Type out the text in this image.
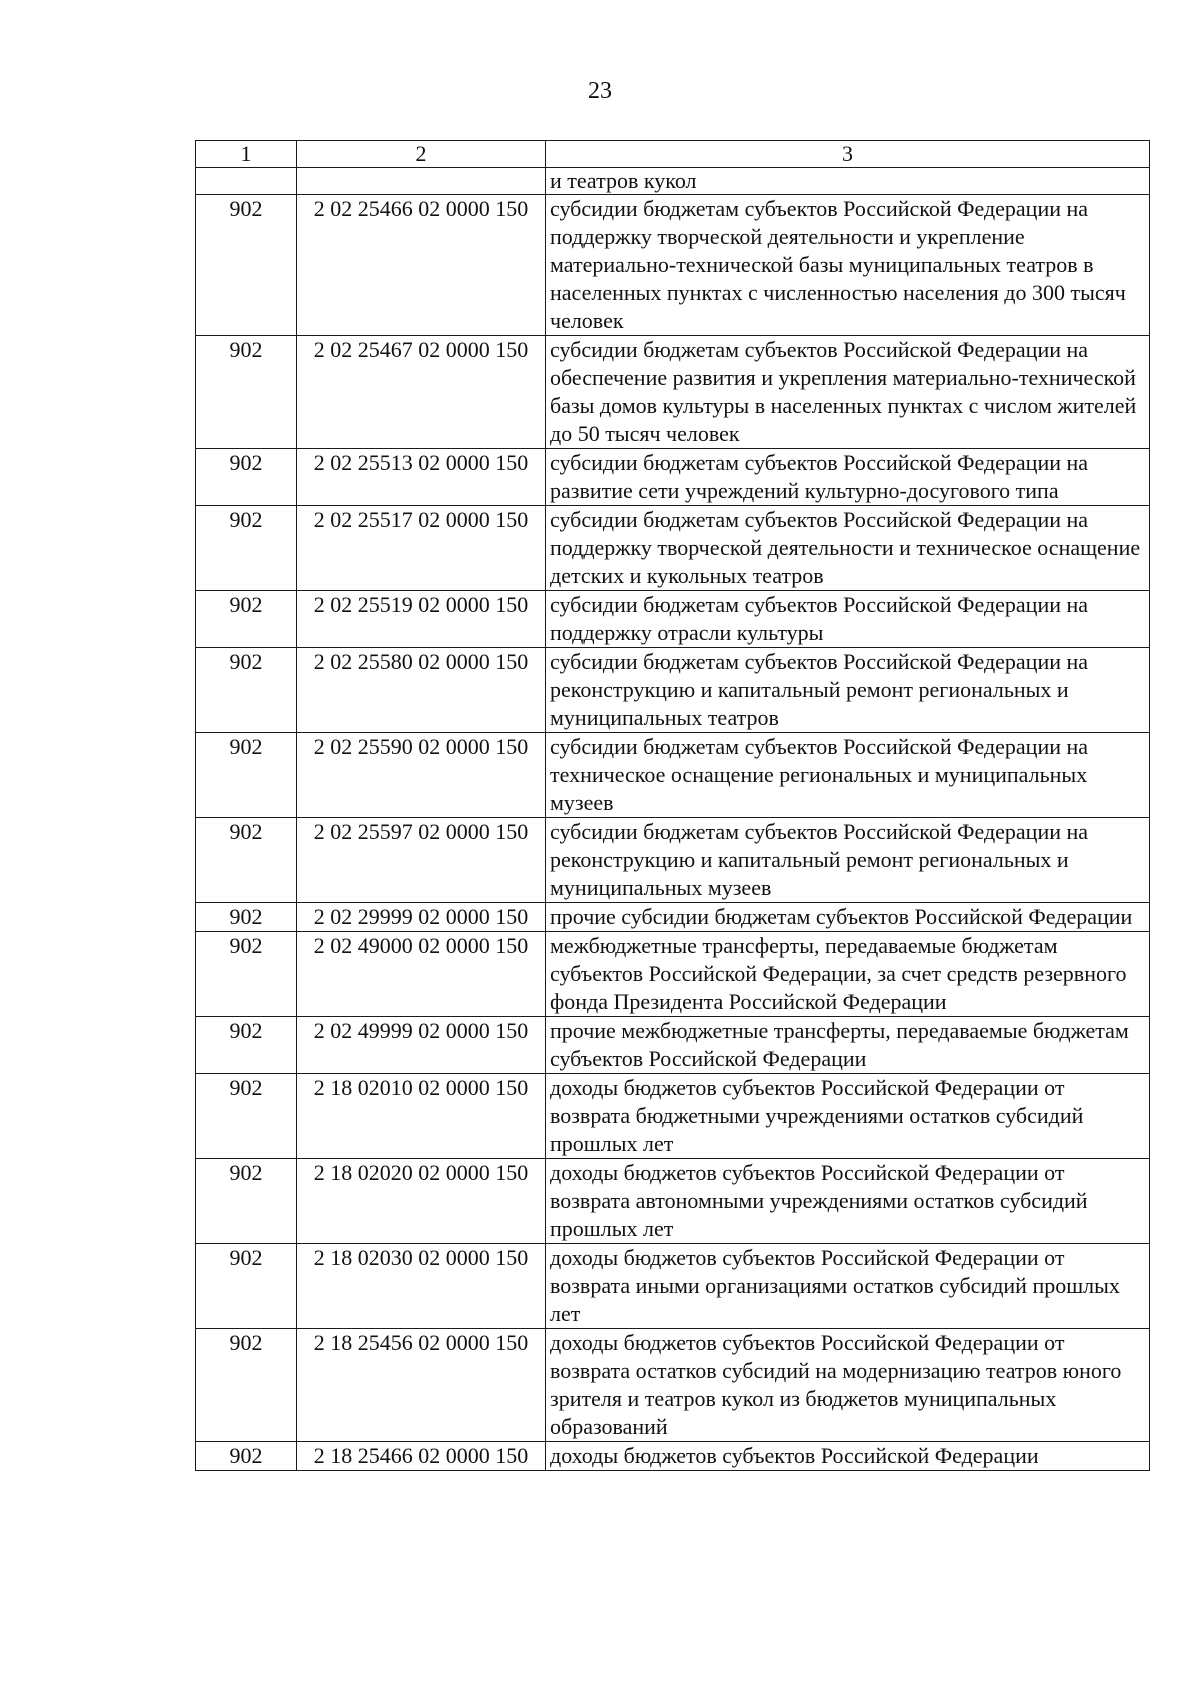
23
1	2	3
		и театров кукол
902	2 02 25466 02 0000 150	субсидии бюджетам субъектов Российской Федерации на поддержку творческой деятельности и укрепление материально-технической базы муниципальных театров в населенных пунктах с численностью населения до 300 тысяч человек
902	2 02 25467 02 0000 150	субсидии бюджетам субъектов Российской Федерации на обеспечение развития и укрепления материально-технической базы домов культуры в населенных пунктах с числом жителей до 50 тысяч человек
902	2 02 25513 02 0000 150	субсидии бюджетам субъектов Российской Федерации на развитие сети учреждений культурно-досугового типа
902	2 02 25517 02 0000 150	субсидии бюджетам субъектов Российской Федерации на поддержку творческой деятельности и техническое оснащение детских и кукольных театров
902	2 02 25519 02 0000 150	субсидии бюджетам субъектов Российской Федерации на поддержку отрасли культуры
902	2 02 25580 02 0000 150	субсидии бюджетам субъектов Российской Федерации на реконструкцию и капитальный ремонт региональных и муниципальных театров
902	2 02 25590 02 0000 150	субсидии бюджетам субъектов Российской Федерации на техническое оснащение региональных и муниципальных музеев
902	2 02 25597 02 0000 150	субсидии бюджетам субъектов Российской Федерации на реконструкцию и капитальный ремонт региональных и муниципальных музеев
902	2 02 29999 02 0000 150	прочие субсидии бюджетам субъектов Российской Федерации
902	2 02 49000 02 0000 150	межбюджетные трансферты, передаваемые бюджетам субъектов Российской Федерации, за счет средств резервного фонда Президента Российской Федерации
902	2 02 49999 02 0000 150	прочие межбюджетные трансферты, передаваемые бюджетам субъектов Российской Федерации
902	2 18 02010 02 0000 150	доходы бюджетов субъектов Российской Федерации от возврата бюджетными учреждениями остатков субсидий прошлых лет
902	2 18 02020 02 0000 150	доходы бюджетов субъектов Российской Федерации от возврата автономными учреждениями остатков субсидий прошлых лет
902	2 18 02030 02 0000 150	доходы бюджетов субъектов Российской Федерации от возврата иными организациями остатков субсидий прошлых лет
902	2 18 25456 02 0000 150	доходы бюджетов субъектов Российской Федерации от возврата остатков субсидий на модернизацию театров юного зрителя и театров кукол из бюджетов муниципальных образований
902	2 18 25466 02 0000 150	доходы бюджетов субъектов Российской Федерации
